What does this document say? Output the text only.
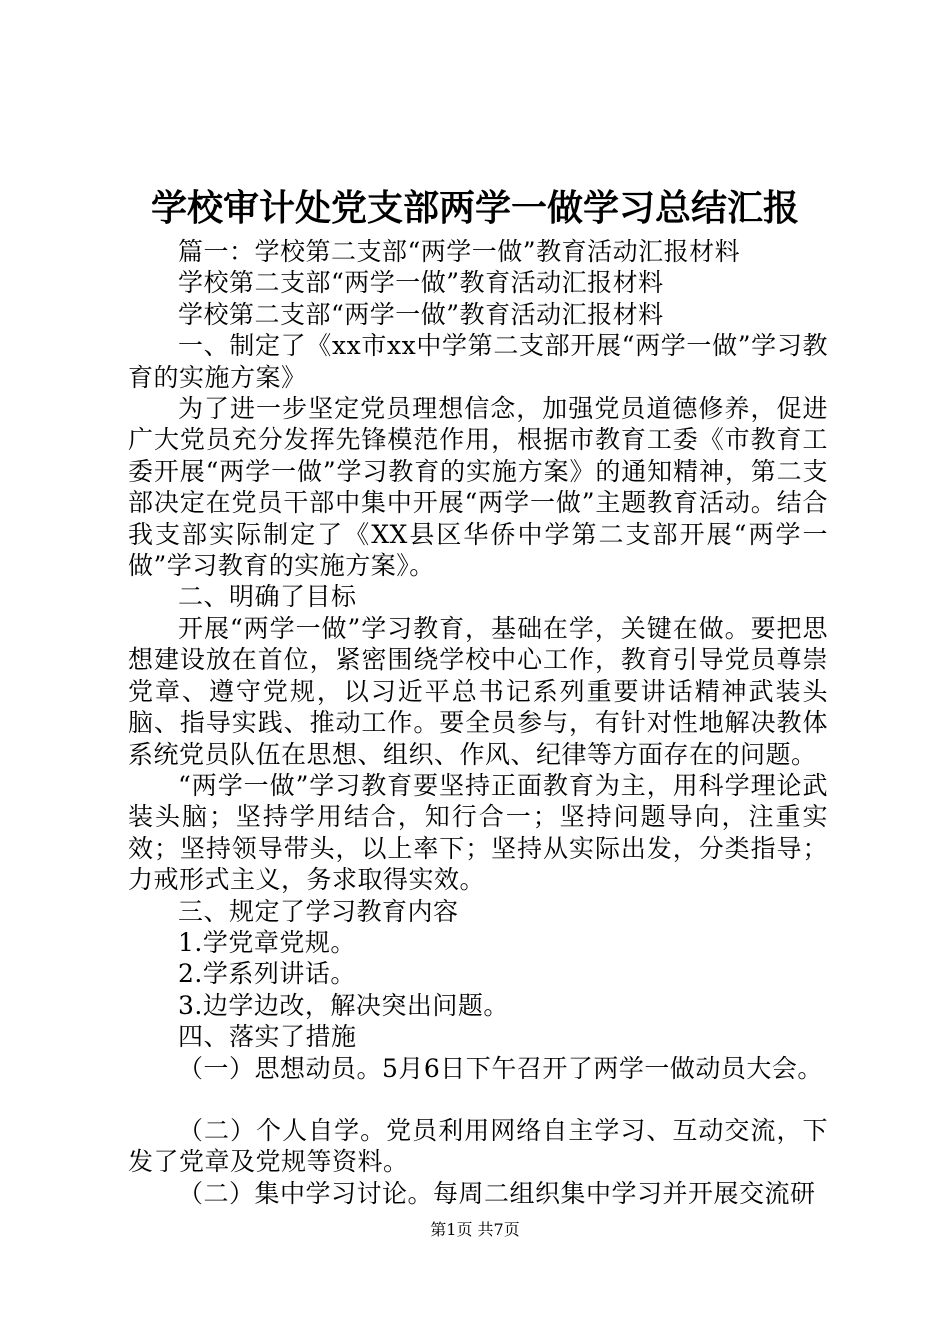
学校审计处党支部两学一做学习总结汇报

篇一：学校第二支部“两学一做”教育活动汇报材料

学校第二支部“两学一做”教育活动汇报材料

学校第二支部“两学一做”教育活动汇报材料

一、制定了《xx市xx中学第二支部开展“两学一做”学习教育的实施方案》

为了进一步坚定党员理想信念，加强党员道德修养，促进广大党员充分发挥先锋模范作用，根据市教育工委《市教育工委开展“两学一做”学习教育的实施方案》的通知精神，第二支部决定在党员干部中集中开展“两学一做”主题教育活动。结合我支部实际制定了《XX县区华侨中学第二支部开展“两学一做”学习教育的实施方案》。

二、明确了目标

开展“两学一做”学习教育，基础在学，关键在做。要把思想建设放在首位，紧密围绕学校中心工作，教育引导党员尊崇党章、遵守党规，以习近平总书记系列重要讲话精神武装头脑、指导实践、推动工作。要全员参与，有针对性地解决教体系统党员队伍在思想、组织、作风、纪律等方面存在的问题。

“两学一做”学习教育要坚持正面教育为主，用科学理论武装头脑；坚持学用结合，知行合一；坚持问题导向，注重实效；坚持领导带头，以上率下；坚持从实际出发，分类指导；力戒形式主义，务求取得实效。

三、规定了学习教育内容

1.学党章党规。

2.学系列讲话。

3.边学边改，解决突出问题。

四、落实了措施

（一）思想动员。5月6日下午召开了两学一做动员大会。

（二）个人自学。党员利用网络自主学习、互动交流，下发了党章及党规等资料。

（二）集中学习讨论。每周二组织集中学习并开展交流研

第1页 共7页
